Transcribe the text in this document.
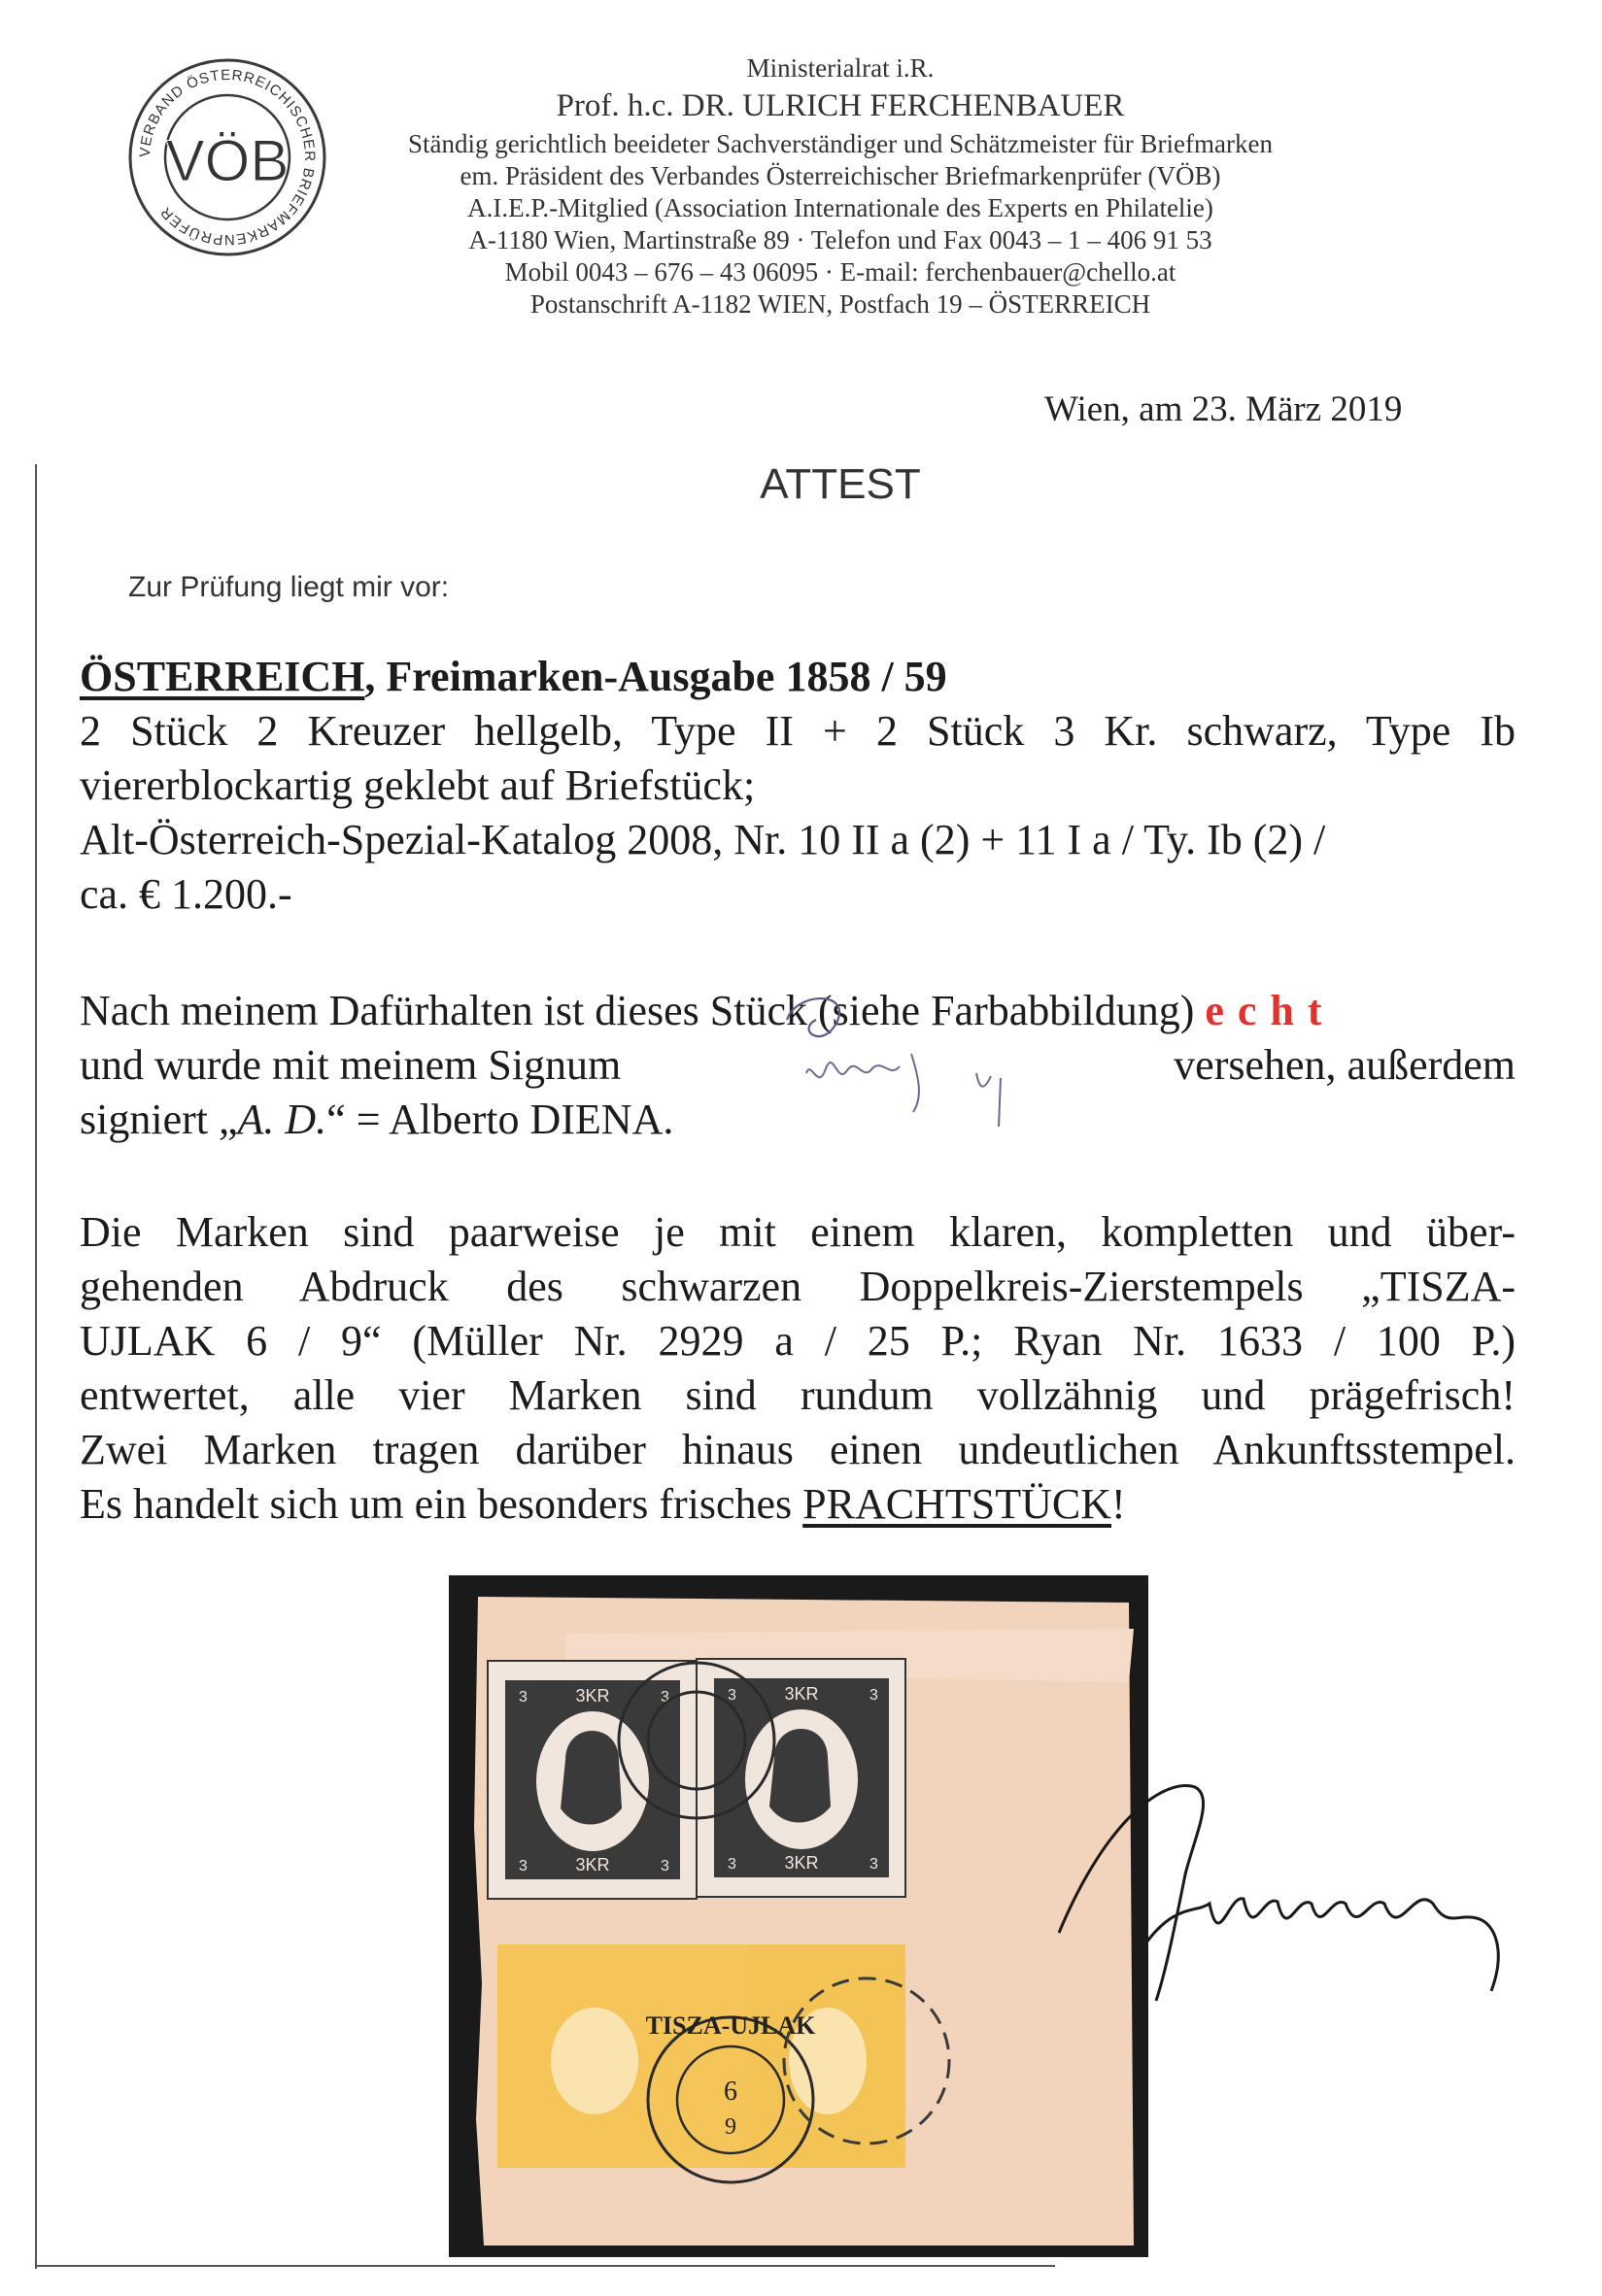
VERBAND ÖSTERREICHISCHER BRIEFMARKENPRÜFER
VÖB
Ministerialrat i.R.
Prof. h.c. DR. ULRICH FERCHENBAUER
Ständig gerichtlich beeideter Sachverständiger und Schätzmeister für Briefmarken
em. Präsident des Verbandes Österreichischer Briefmarkenprüfer (VÖB)
A.I.E.P.-Mitglied (Association Internationale des Experts en Philatelie)
A-1180 Wien, Martinstraße 89 · Telefon und Fax 0043 – 1 – 406 91 53
Mobil 0043 – 676 – 43 06095 · E-mail: ferchenbauer@chello.at
Postanschrift A-1182 WIEN, Postfach 19 – ÖSTERREICH
Wien, am 23. März 2019
ATTEST
Zur Prüfung liegt mir vor:
ÖSTERREICH, Freimarken-Ausgabe 1858 / 59
2 Stück 2 Kreuzer hellgelb, Type II + 2 Stück 3 Kr. schwarz, Type Ib
viererblockartig geklebt auf Briefstück;
Alt-Österreich-Spezial-Katalog 2008, Nr. 10 II a (2) + 11 I a / Ty. Ib (2) /
ca. € 1.200.-
Nach meinem Dafürhalten ist dieses Stück (siehe Farbabbildung) echt
und wurde mit meinem Signum	versehen, außerdem
signiert „A. D.“ = Alberto DIENA.
Die Marken sind paarweise je mit einem klaren, kompletten und über-
gehenden Abdruck des schwarzen Doppelkreis-Zierstempels „TISZA-
UJLAK 6 / 9“ (Müller Nr. 2929 a / 25 P.; Ryan Nr. 1633 / 100 P.)
entwertet, alle vier Marken sind rundum vollzähnig und prägefrisch!
Zwei Marken tragen darüber hinaus einen undeutlichen Ankunftsstempel.
Es handelt sich um ein besonders frisches PRACHTSTÜCK!
3KR
3KR
3	3
3	3
3KR
3KR
3	3
3	3
TISZA-UJLAK
6
9
